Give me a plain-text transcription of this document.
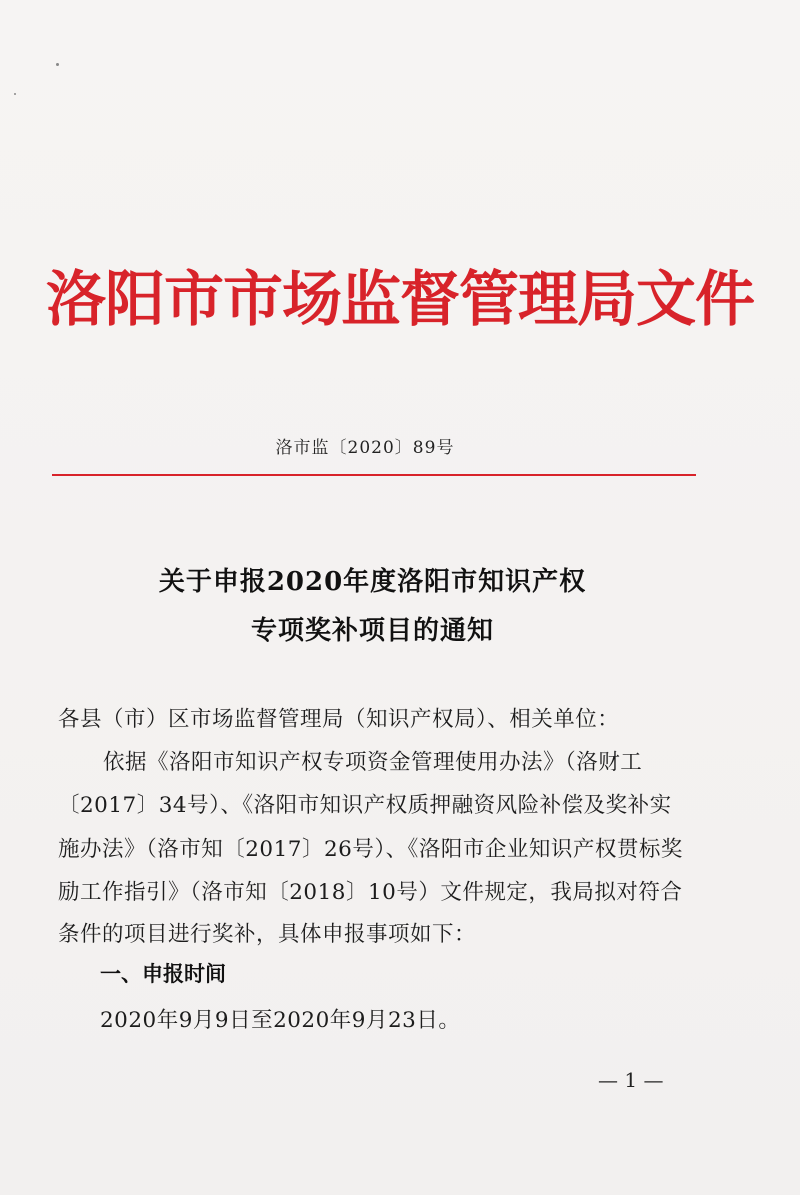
洛阳市市场监督管理局文件
洛市监〔2020〕89号
关于申报2020年度洛阳市知识产权
专项奖补项目的通知
各县（市）区市场监督管理局（知识产权局）、相关单位：
依据《洛阳市知识产权专项资金管理使用办法》（洛财工
〔2017〕34号）、《洛阳市知识产权质押融资风险补偿及奖补实
施办法》（洛市知〔2017〕26号）、《洛阳市企业知识产权贯标奖
励工作指引》（洛市知〔2018〕10号）文件规定，我局拟对符合
条件的项目进行奖补，具体申报事项如下：
一、申报时间
2020年9月9日至2020年9月23日。
— 1 —
